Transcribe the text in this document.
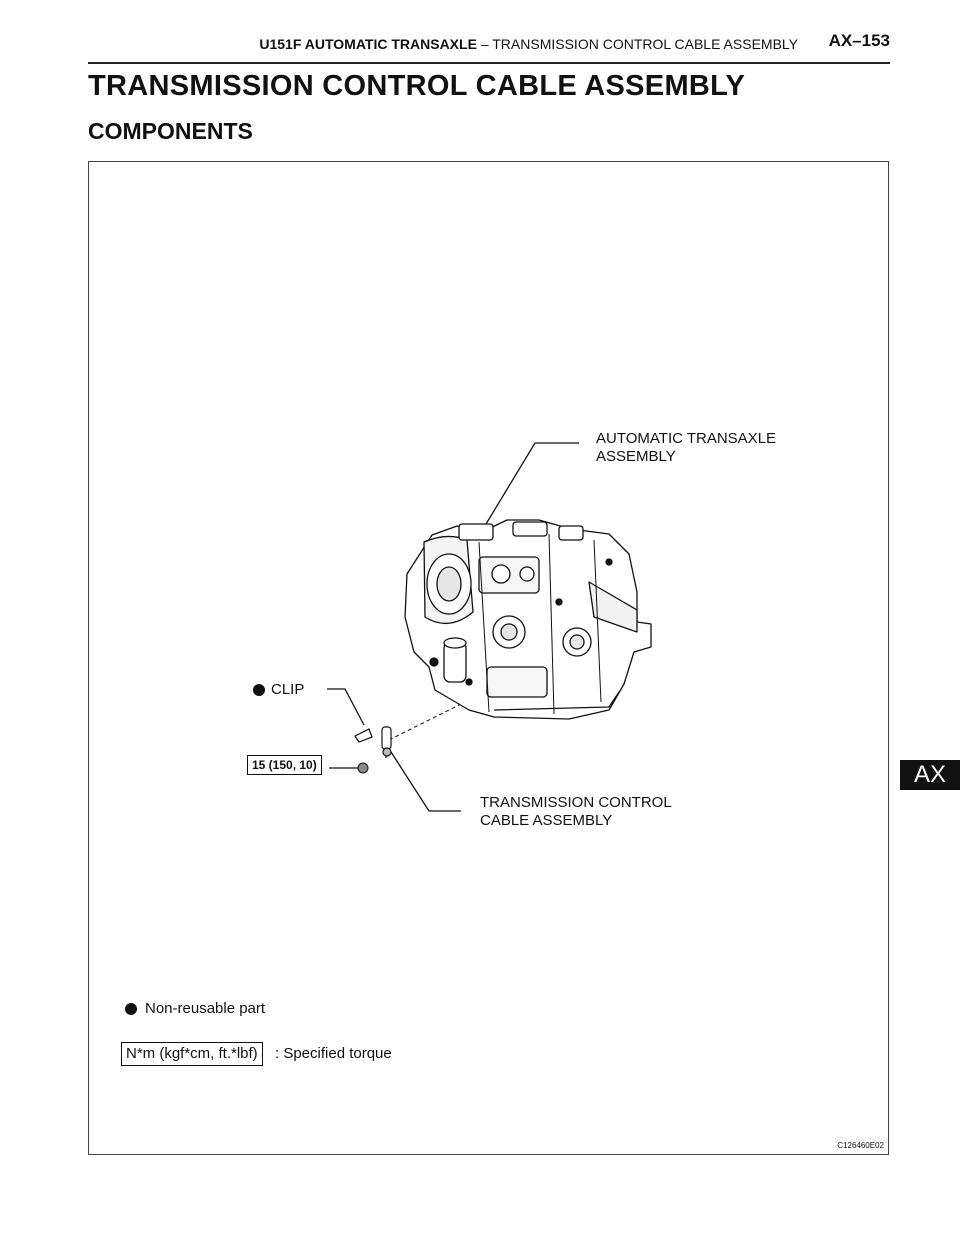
U151F AUTOMATIC TRANSAXLE – TRANSMISSION CONTROL CABLE ASSEMBLY AX–153
TRANSMISSION CONTROL CABLE ASSEMBLY
COMPONENTS
AUTOMATIC TRANSAXLE
ASSEMBLY
CLIP
15 (150, 10)
TRANSMISSION CONTROL
CABLE ASSEMBLY
Non-reusable part
N*m (kgf*cm, ft.*lbf)	: Specified torque
C126460E02
AX
